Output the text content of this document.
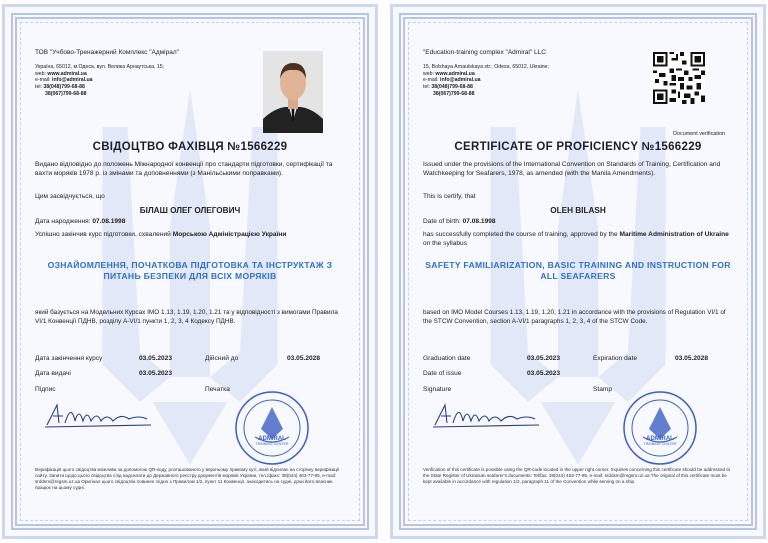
ТОВ "Учбово-Тренажерний Комплекс "Адмірал"
Україна, 65012, м.Одеса, вул. Велика Арнаутська, 15;
web: www.admiral.ua
e-mail: info@admiral.ua
tel: 38(048)799-68-88
38(067)799-68-88
СВІДОЦТВО ФАХІВЦЯ №1566229
Видано відповідно до положень Міжнародної конвенції про стандарти підготовки, сертифікації та вахти моряків 1978 р. із змінами та доповненнями (з Манільськими поправками).
Цим засвідчується, що
БІЛАШ ОЛЕГ ОЛЕГОВИЧ
Дата народження: 07.08.1998
Успішно закінчив курс підготовки, схвалений Морською Адміністрацією України
ОЗНАЙОМЛЕННЯ, ПОЧАТКОВА ПІДГОТОВКА ТА ІНСТРУКТАЖ З ПИТАНЬ БЕЗПЕКИ ДЛЯ ВСІХ МОРЯКІВ
який базується на Модельних Курсах ІМО 1.13, 1.19, 1.20, 1.21 та у відповідності з вимогами Правила VI/1 Конвенції ПДНВ, розділу A-VI/1 пункти 1, 2, 3, 4 Кодексу ПДНВ.
Дата закінчення курсу	03.05.2023	Дійсний до	03.05.2028
Дата видачі	03.05.2023
Підпис	Печатка
ADMIRAL
TRAINING CENTER
Верифікація цього свідоцтва можлива за допомогою QR-коду, розташованого у верхньому правому куті, який відсилає на сторінку верифікації сайту. Запити щодо цього свідоцтва слід надсилати до Державного реєстру документів моряків України, тел./факс: 38(044) 463-77-95, e-mail: srddsm@regsm.uz.ua Оригінал цього свідоцтва повинен згідно з Правилом 1/2, пункт 11 Конвенції, знаходитись на судні, доки його власник працює на цьому судні.
"Education-training complex "Admiral" LLC
15, Bolshaya Arnautskaya str.; Odesa, 65012, Ukraine;
web: www.admiral.ua
e-mail: info@admiral.ua
tel: 38(048)799-68-88
38(067)799-68-88
Document verification
CERTIFICATE OF PROFICIENCY №1566229
Issued under the provisions of the International Convention on Standards of Training, Certification and Watchkeeping for Seafarers, 1978, as amended (with the Manila Amendments).
This is certify, that
OLEH BILASH
Date of birth: 07.08.1998
has successfully completed the course of training, approved by the Maritime Administration of Ukraine on the syllabus
SAFETY FAMILIARIZATION, BASIC TRAINING AND INSTRUCTION FOR ALL SEAFARERS
based on IMO Model Courses 1.13, 1.19, 1.20, 1.21 in accordance with the provisions of Regulation VI/1 of the STCW Convention, section A-VI/1 paragraphs 1, 2, 3, 4 of the STCW Code.
Graduation date	03.05.2023	Expiration date	03.05.2028
Date of issue	03.05.2023
Signature	Stamp
ADMIRAL
TRAINING CENTER
Verification of this certificate is possible using the QR-code located in the upper right corner. Inquiries concerning this certificate should be addressed to the State Register of Ukrainian seafarer's documents: Tel/fax: 38(044) 463-77-95, e-mail: srddsm@regsm.uz.ua The original of this certificate must be kept available in accordance with regulation 1/2, paragraph 11 of the Convention while serving on a ship.
